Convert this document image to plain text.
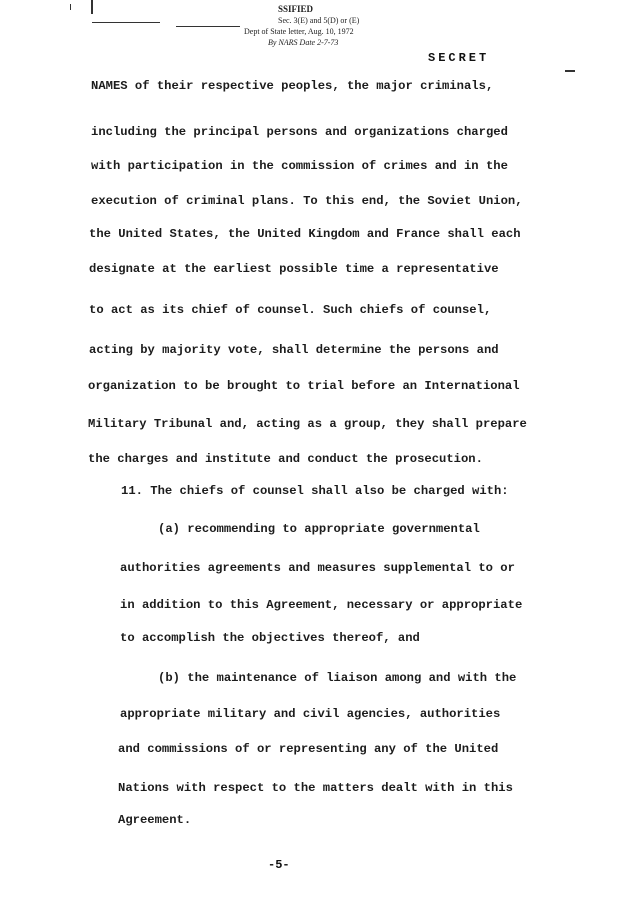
SSIFIED
Sec. 3(E) and 5(D) or (E)
Dept of State letter, Aug. 10, 1972
By NARS Date 2-7-73
SECRET
NAMES of their respective peoples, the major criminals,
including the principal persons and organizations charged
with participation in the commission of crimes and in the
execution of criminal plans. To this end, the Soviet Union,
the United States, the United Kingdom and France shall each
designate at the earliest possible time a representative
to act as its chief of counsel. Such chiefs of counsel,
acting by majority vote, shall determine the persons and
organization to be brought to trial before an International
Military Tribunal and, acting as a group, they shall prepare
the charges and institute and conduct the prosecution.
11. The chiefs of counsel shall also be charged with:
(a) recommending to appropriate governmental
authorities agreements and measures supplemental to or
in addition to this Agreement, necessary or appropriate
to accomplish the objectives thereof, and
(b) the maintenance of liaison among and with the
appropriate military and civil agencies, authorities
and commissions of or representing any of the United
Nations with respect to the matters dealt with in this
Agreement.
-5-
